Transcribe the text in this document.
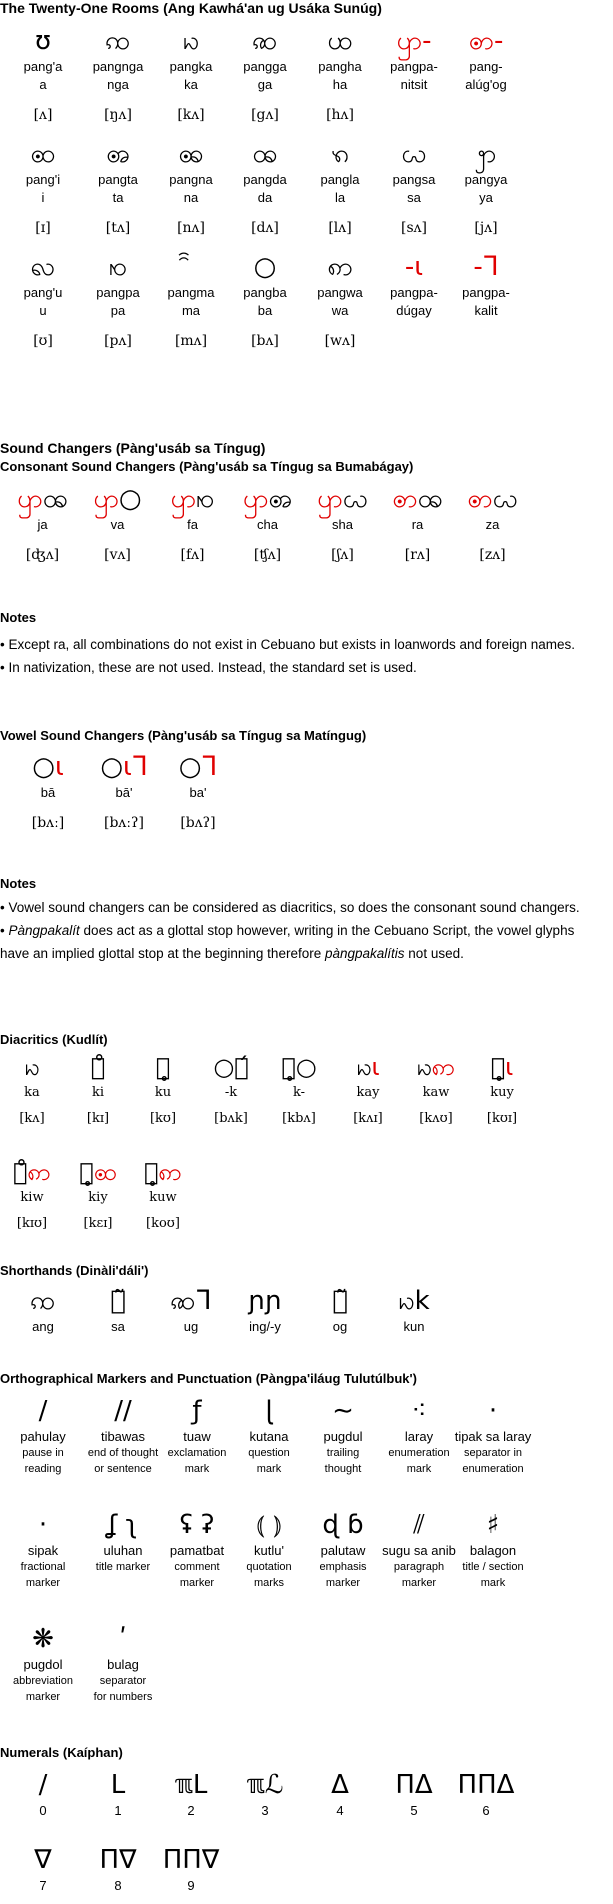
The Twenty-One Rooms (Ang Kawhá'an ug Usáka Sunúg)
ʊ
pang'a
a
[ʌ]
ꩡ
pangnga
nga
[ŋʌ]
ꩢ
pangka
ka
[kʌ]
ꩣ
pangga
ga
[gʌ]
ꩤ
pangha
ha
[hʌ]
ꩥ-
pangpa-
nitsit
ꩦ-
pang-
alúg'og
ꩧ
pang'i
i
[ɪ]
ꩨ
pangta
ta
[tʌ]
ꩩ
pangna
na
[nʌ]
ꩪ
pangda
da
[dʌ]
ꩫ
pangla
la
[lʌ]
ꩬ
pangsa
sa
[sʌ]
ꩭ
pangya
ya
[jʌ]
ꩮ
pang'u
u
[ʊ]
ꩯ
pangpa
pa
[pʌ]
pangma
ma
[mʌ]
○
pangba
ba
[bʌ]
ꩱ
pangwa
wa
[wʌ]
-ɩ
pangpa-
dúgay
-ᒣ
pangpa-
kalit
Sound Changers (Pàng'usáb sa Tíngug)
Consonant Sound Changers (Pàng'usáb sa Tíngug sa Bumabágay)
ꩥꩪ
ja
[ʤʌ]
ꩥ○
va
[vʌ]
ꩥꩯ
fa
[fʌ]
ꩥꩨ
cha
[ʧʌ]
ꩥꩬ
sha
[ʃʌ]
ꩦꩪ
ra
[rʌ]
ꩦꩬ
za
[zʌ]
Notes

• Except ra, all combinations do not exist in Cebuano but exists in loanwords and foreign names.

• In nativization, these are not used. Instead, the standard set is used.

Vowel Sound Changers (Pàng'usáb sa Tíngug sa Matíngug)
○ɩ
bā
[bʌː]
○ɩᒣ
bā'
[bʌːʔ]
○ᒣ
ba'
[bʌʔ]
Notes

• Vowel sound changers can be considered as diacritics, so does the consonant sound changers.

• Pàngpakalít does act as a glottal stop however, writing in the Cebuano Script, the vowel glyphs have an implied glottal stop at the beginning therefore pàngpakalítis not used.

Diacritics (Kudlít)
ꩢ
ka
[kʌ]
ꩢ̊
ki
[kɪ]
ꩢ̥
ku
[kʊ]
○ꩢ́
-k
[bʌk]
ꩢ̥○
k-
[kbʌ]
ꩢɩ
kay
[kʌɪ]
ꩢꩱ
kaw
[kʌʊ]
ꩢ̥ɩ
kuy
[kʊɪ]
ꩢ̊ꩱ
kiw
[kɪʊ]
ꩢ̥ꩧ
kiy
[kɛɪ]
ꩢ̥ꩱ
kuw
[koʊ]
Shorthands (Dinàli'dáli')
ꩡ
ang
ꩬ̃
sa
ꩣᒣ
ug
ɲɲ
ing/-y
ꩮ̃
og
ꩢk
kun
Orthographical Markers and Punctuation (Pàngpa'iláug Tulutúlbuk')
/
pahulay
pause in
reading
//
tibawas
end of thought
or sentence
ƒ
tuaw
exclamation
mark
ɭ
kutana
question
mark
∼
pugdul
trailing
thought
⁖
laray
enumeration
mark
·
tipak sa laray
separator in
enumeration
·
sipak
fractional
marker
ʆ ʅ
uluhan
title marker
ʢ ʡ
pamatbat
comment
marker
⦅ ⦆
kutlu'
quotation
marks
ɖ ɓ
palutaw
emphasis
marker
⫽
sugu sa anib
paragraph
marker
♯
balagon
title / section
mark
❋
pugdol
abbreviation
marker
ʹ
bulag
separator
for numbers
Numerals (Kaíphan)
/
0
L
1
ℼL
2
ℼℒ
3
Δ
4
ΠΔ
5
ΠΠΔ
6
∇
7
Π∇
8
ΠΠ∇
9
